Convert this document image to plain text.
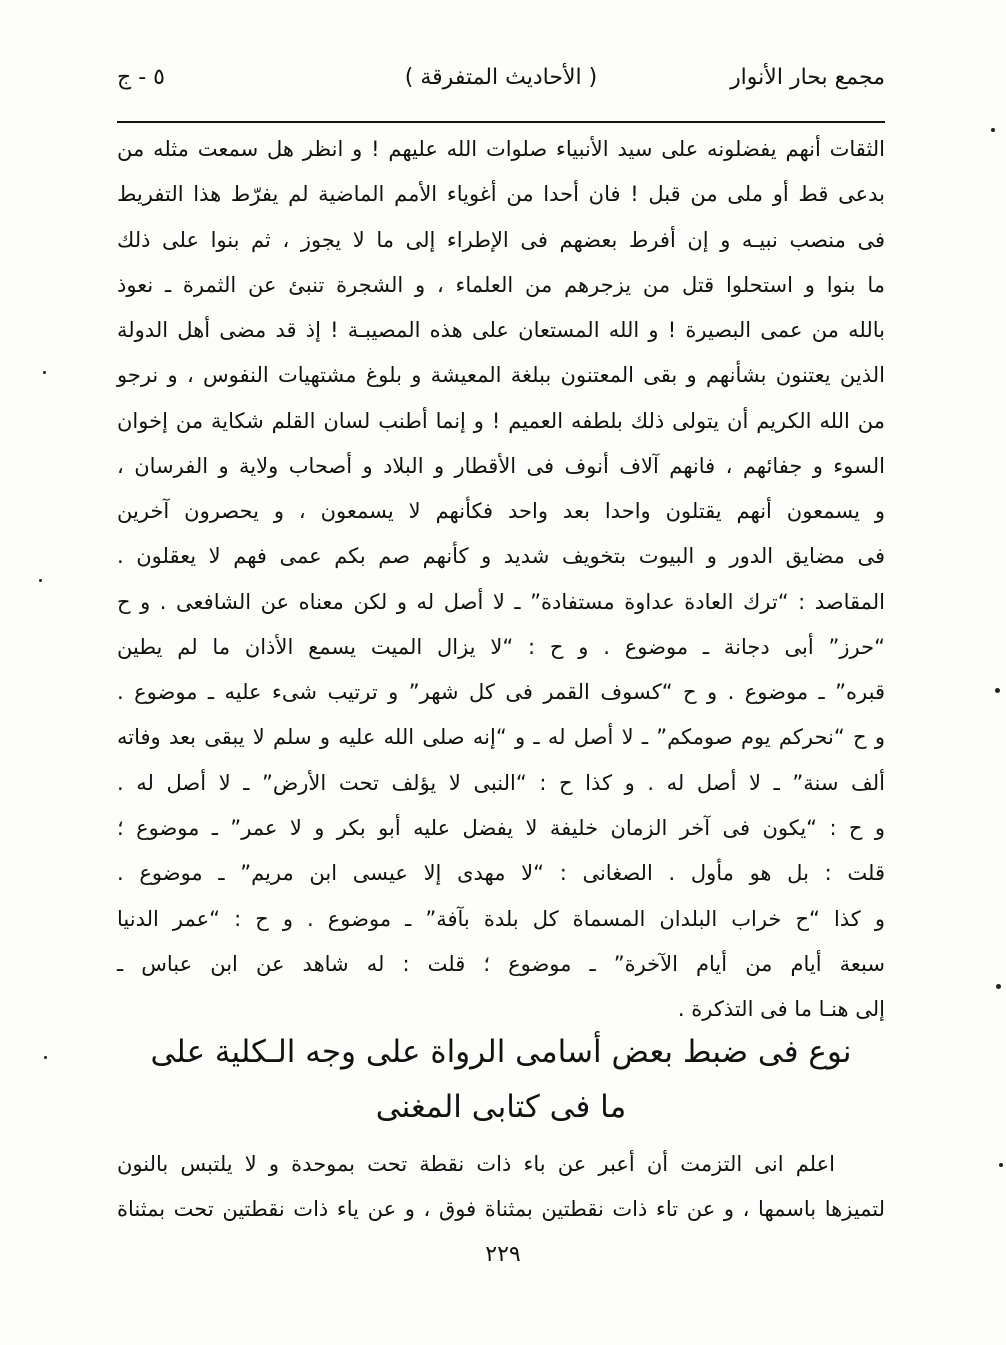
مجمع بحار الأنوار
( الأحاديث المتفرقة )
ج - ٥
الثقات أنهم يفضلونه على سيد الأنبياء صلوات الله عليهم ! و انظر هل سمعت مثله من
بدعى قط أو ملى من قبل ! فان أحدا من أغوياء الأمم الماضية لم يفرّط هذا التفريط
فى منصب نبيـه و إن أفرط بعضهم فى الإطراء إلى ما لا يجوز ، ثم بنوا على ذلك
ما بنوا و استحلوا قتل من يزجرهم من العلماء ، و الشجرة تنبئ عن الثمرة ـ نعوذ
بالله من عمى البصيرة ! و الله المستعان على هذه المصيبـة ! إذ قد مضى أهل الدولة
الذين يعتنون بشأنهم و بقى المعتنون ببلغة المعيشة و بلوغ مشتهيات النفوس ، و نرجو
من الله الكريم أن يتولى ذلك بلطفه العميم ! و إنما أطنب لسان القلم شكاية من إخوان
السوء و جفائهم ، فانهم آلاف أنوف فى الأقطار و البلاد و أصحاب ولاية و الفرسان ،
و يسمعون أنهم يقتلون واحدا بعد واحد فكأنهم لا يسمعون ، و يحصرون آخرين
فى مضايق الدور و البيوت بتخويف شديد و كأنهم صم بكم عمى فهم لا يعقلون .
المقاصد : “ترك العادة عداوة مستفادة” ـ لا أصل له و لكن معناه عن الشافعى . و ح
“حرز” أبى دجانة ـ موضوع . و ح : “لا يزال الميت يسمع الأذان ما لم يطين
قبره” ـ موضوع . و ح “كسوف القمر فى كل شهر” و ترتيب شىء عليه ـ موضوع .
و ح “نحركم يوم صومكم” ـ لا أصل له ـ و “إنه صلى الله عليه و سلم لا يبقى بعد وفاته
ألف سنة” ـ لا أصل له . و كذا ح : “النبى لا يؤلف تحت الأرض” ـ لا أصل له .
و ح : “يكون فى آخر الزمان خليفة لا يفضل عليه أبو بكر و لا عمر” ـ موضوع ؛
قلت : بل هو مأول . الصغانى : “لا مهدى إلا عيسى ابن مريم” ـ موضوع .
و كذا “ح خراب البلدان المسماة كل بلدة بآفة” ـ موضوع . و ح : “عمر الدنيا
سبعة أيام من أيام الآخرة” ـ موضوع ؛ قلت : له شاهد عن ابن عباس ـ
إلى هنـا ما فى التذكرة .
نوع فى ضبط بعض أسامى الرواة على وجه الـكلية على
ما فى كتابى المغنى
اعلم انى التزمت أن أعبر عن باء ذات نقطة تحت بموحدة و لا يلتبس بالنون
لتميزها باسمها ، و عن تاء ذات نقطتين بمثناة فوق ، و عن ياء ذات نقطتين تحت بمثناة
٢٢٩
